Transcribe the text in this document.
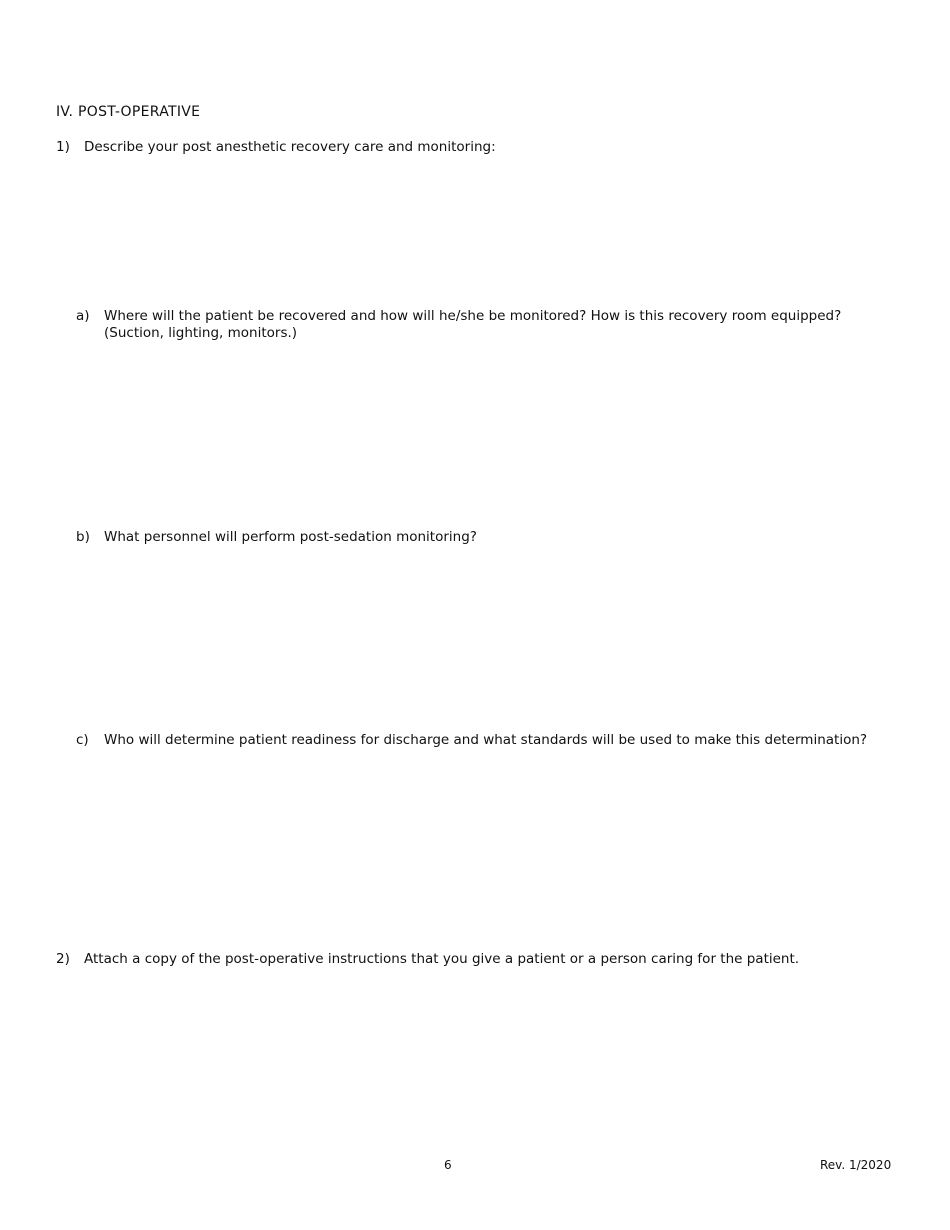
IV. POST-OPERATIVE
1)	Describe your post anesthetic recovery care and monitoring:
a)	Where will the patient be recovered and how will he/she be monitored? How is this recovery room equipped?
(Suction, lighting, monitors.)
b)	What personnel will perform post-sedation monitoring?
c)	Who will determine patient readiness for discharge and what standards will be used to make this determination?
2)	Attach a copy of the post-operative instructions that you give a patient or a person caring for the patient.
6	Rev. 1/2020
